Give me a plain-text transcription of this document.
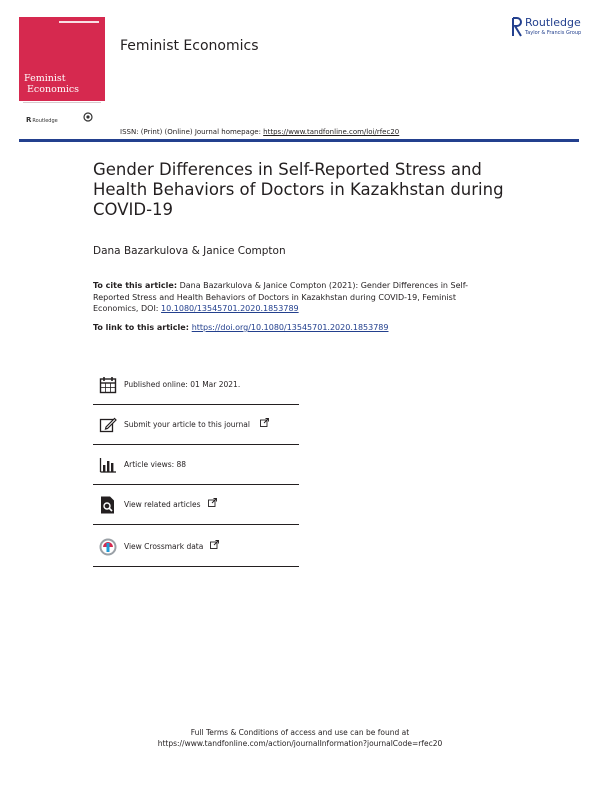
Feminist
Economics
RRoutledge
Feminist Economics
Routledge
Taylor & Francis Group
ISSN: (Print) (Online) Journal homepage: https://www.tandfonline.com/loi/rfec20
Gender Differences in Self-Reported Stress and Health Behaviors of Doctors in Kazakhstan during COVID-19
Dana Bazarkulova & Janice Compton
To cite this article: Dana Bazarkulova & Janice Compton (2021): Gender Differences in Self-Reported Stress and Health Behaviors of Doctors in Kazakhstan during COVID-19, Feminist Economics, DOI: 10.1080/13545701.2020.1853789
To link to this article: https://doi.org/10.1080/13545701.2020.1853789
Published online: 01 Mar 2021.
Submit your article to this journal
Article views: 88
View related articles
View Crossmark data
Full Terms & Conditions of access and use can be found at
https://www.tandfonline.com/action/journalInformation?journalCode=rfec20
